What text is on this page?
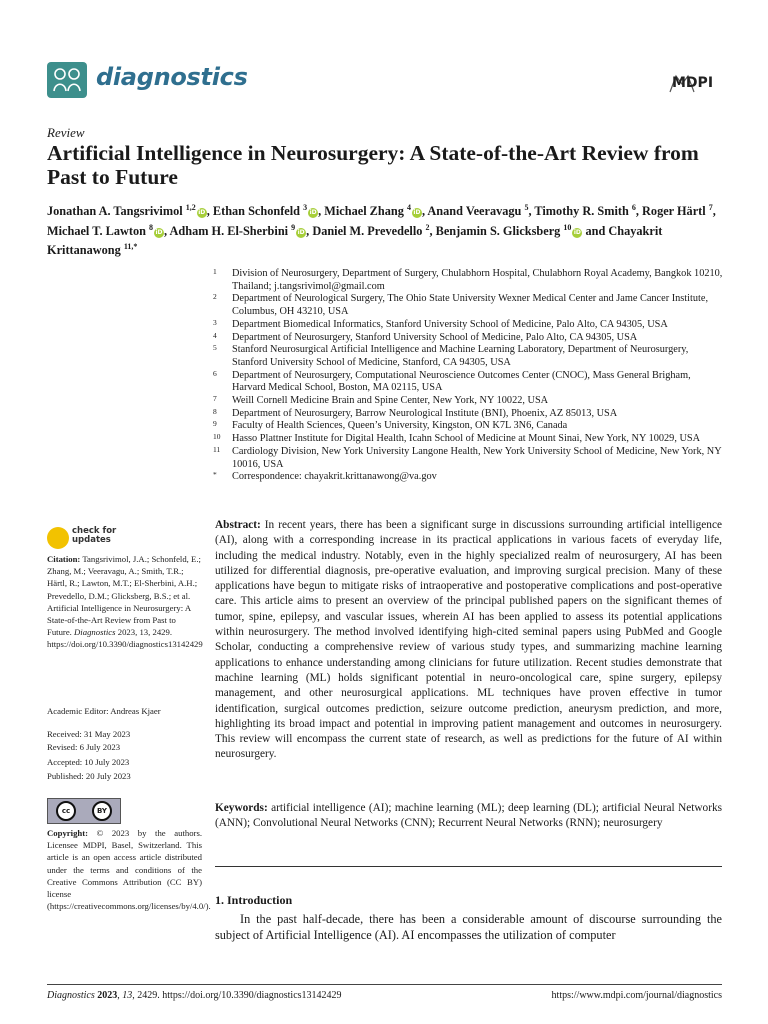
diagnostics	MDPI
Review
Artificial Intelligence in Neurosurgery: A State-of-the-Art Review from Past to Future
Jonathan A. Tangsrivimol $^{1,2}$iD, Ethan Schonfeld $^3$iD, Michael Zhang $^4$iD, Anand Veeravagu $^5$, Timothy R. Smith $^6$, Roger Härtl $^7$, Michael T. Lawton $^8$iD, Adham H. El-Sherbini $^9$iD, Daniel M. Prevedello $^2$, Benjamin S. Glicksberg $^{10}$iD and Chayakrit Krittanawong $^{11,*}$
1 Division of Neurosurgery, Department of Surgery, Chulabhorn Hospital, Chulabhorn Royal Academy, Bangkok 10210, Thailand; j.tangsrivimol@gmail.com
2 Department of Neurological Surgery, The Ohio State University Wexner Medical Center and Jame Cancer Institute, Columbus, OH 43210, USA
3 Department Biomedical Informatics, Stanford University School of Medicine, Palo Alto, CA 94305, USA
4 Department of Neurosurgery, Stanford University School of Medicine, Palo Alto, CA 94305, USA
5 Stanford Neurosurgical Artificial Intelligence and Machine Learning Laboratory, Department of Neurosurgery, Stanford University School of Medicine, Stanford, CA 94305, USA
6 Department of Neurosurgery, Computational Neuroscience Outcomes Center (CNOC), Mass General Brigham, Harvard Medical School, Boston, MA 02115, USA
7 Weill Cornell Medicine Brain and Spine Center, New York, NY 10022, USA
8 Department of Neurosurgery, Barrow Neurological Institute (BNI), Phoenix, AZ 85013, USA
9 Faculty of Health Sciences, Queen’s University, Kingston, ON K7L 3N6, Canada
10 Hasso Plattner Institute for Digital Health, Icahn School of Medicine at Mount Sinai, New York, NY 10029, USA
11 Cardiology Division, New York University Langone Health, New York University School of Medicine, New York, NY 10016, USA
* Correspondence: chayakrit.krittanawong@va.gov
check for
updates
Citation: Tangsrivimol, J.A.; Schonfeld, E.; Zhang, M.; Veeravagu, A.; Smith, T.R.; Härtl, R.; Lawton, M.T.; El-Sherbini, A.H.; Prevedello, D.M.; Glicksberg, B.S.; et al. Artificial Intelligence in Neurosurgery: A State-of-the-Art Review from Past to Future. Diagnostics 2023, 13, 2429. https://doi.org/10.3390/diagnostics13142429
Academic Editor: Andreas Kjaer
Received: 31 May 2023
Revised: 6 July 2023
Accepted: 10 July 2023
Published: 20 July 2023
cc	BY
Copyright: © 2023 by the authors. Licensee MDPI, Basel, Switzerland. This article is an open access article distributed under the terms and conditions of the Creative Commons Attribution (CC BY) license (https://creativecommons.org/licenses/by/4.0/).
Abstract: In recent years, there has been a significant surge in discussions surrounding artificial intelligence (AI), along with a corresponding increase in its practical applications in various facets of everyday life, including the medical industry. Notably, even in the highly specialized realm of neurosurgery, AI has been utilized for differential diagnosis, pre-operative evaluation, and improving surgical precision. Many of these applications have begun to mitigate risks of intraoperative and postoperative complications and post-operative care. This article aims to present an overview of the principal published papers on the significant themes of tumor, spine, epilepsy, and vascular issues, wherein AI has been applied to assess its potential applications within neurosurgery. The method involved identifying high-cited seminal papers using PubMed and Google Scholar, conducting a comprehensive review of various study types, and summarizing machine learning applications to enhance understanding among clinicians for future utilization. Recent studies demonstrate that machine learning (ML) holds significant potential in neuro-oncological care, spine surgery, epilepsy management, and other neurosurgical applications. ML techniques have proven effective in tumor identification, surgical outcomes prediction, seizure outcome prediction, aneurysm prediction, and more, highlighting its broad impact and potential in improving patient management and outcomes in neurosurgery. This review will encompass the current state of research, as well as predictions for the future of AI within neurosurgery.
Keywords: artificial intelligence (AI); machine learning (ML); deep learning (DL); artificial Neural Networks (ANN); Convolutional Neural Networks (CNN); Recurrent Neural Networks (RNN); neurosurgery
1. Introduction
In the past half-decade, there has been a considerable amount of discourse surrounding the subject of Artificial Intelligence (AI). AI encompasses the utilization of computer
Diagnostics 2023, 13, 2429. https://doi.org/10.3390/diagnostics13142429	https://www.mdpi.com/journal/diagnostics
